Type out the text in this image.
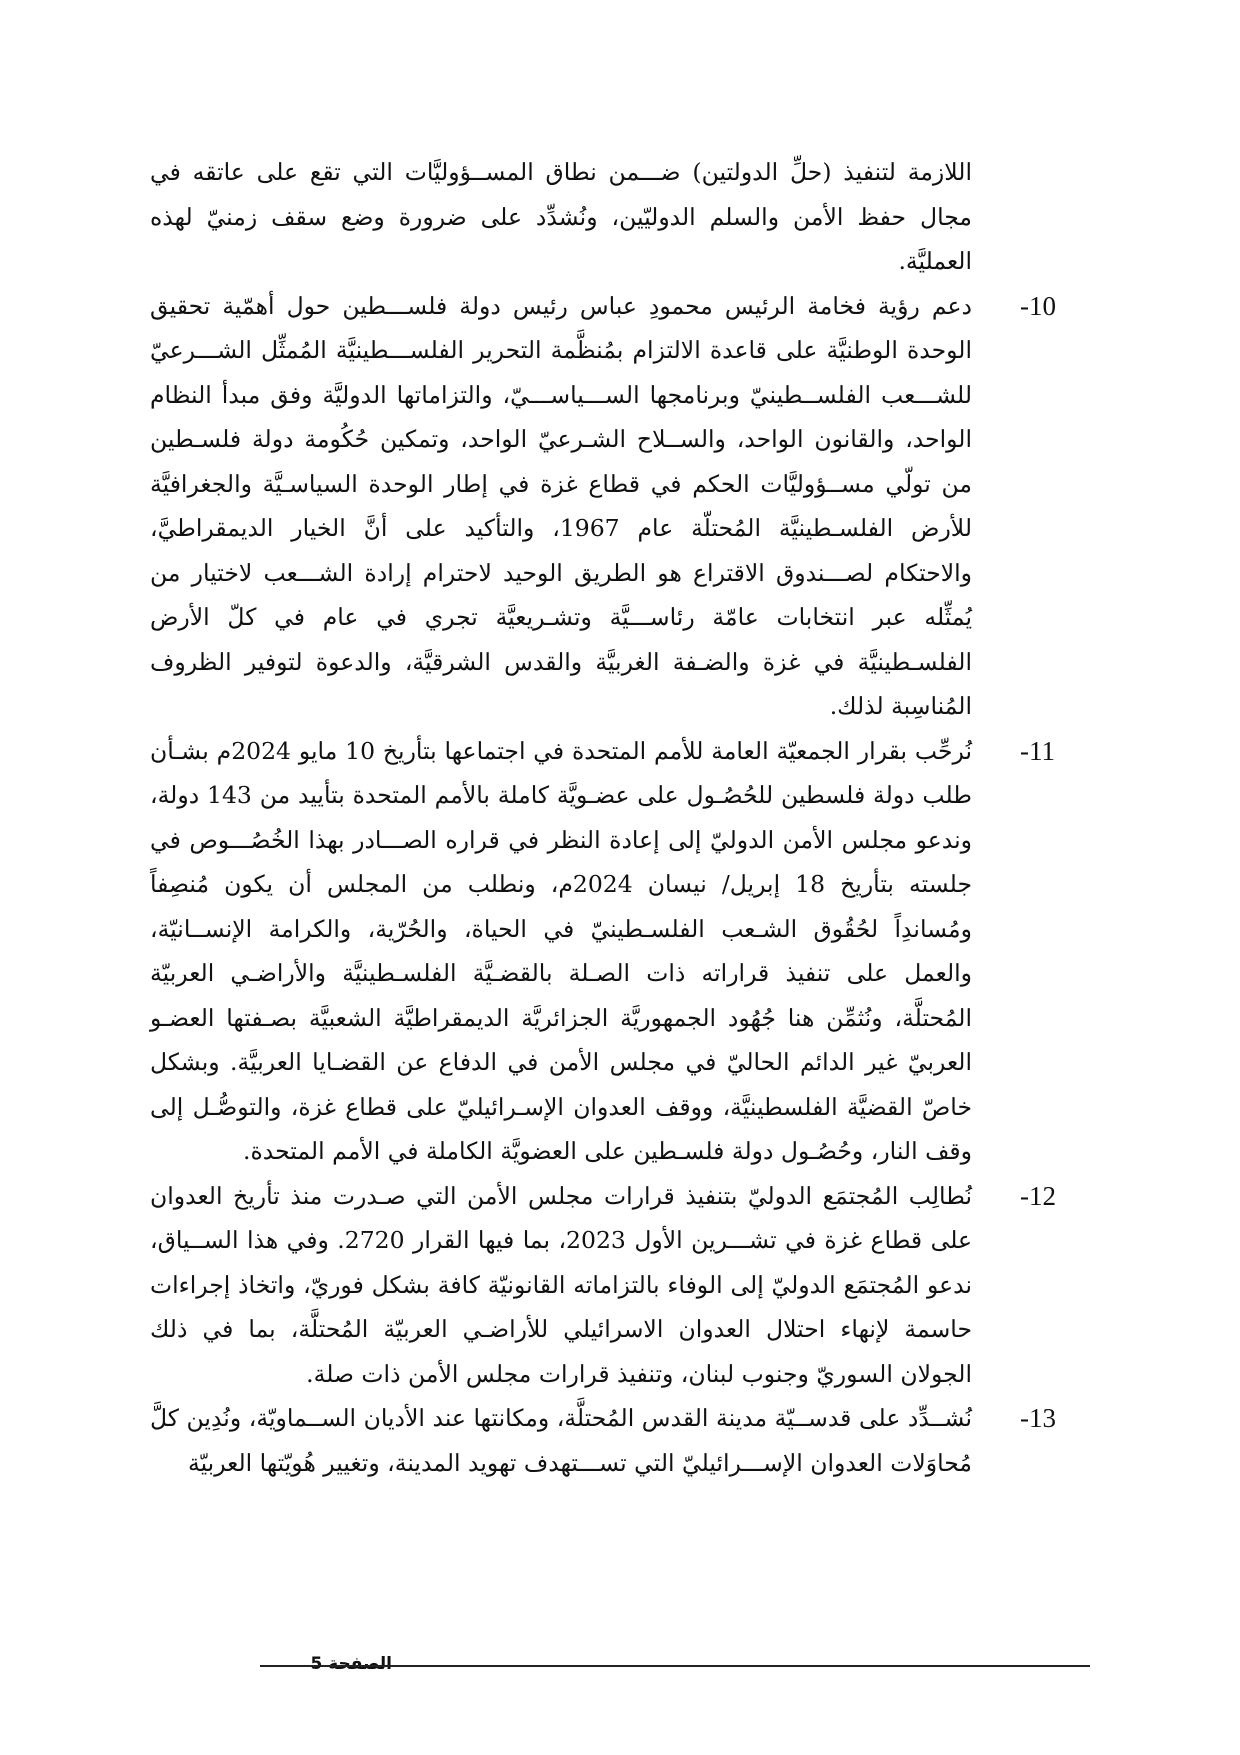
اللازمة لتنفيذ (حلِّ الدولتين) ضـــمن نطاق المســؤوليَّات التي تقع على عاتقه في مجال حفظ الأمن والسلم الدوليّين، ونُشدِّد على ضرورة وضع سقف زمنيّ لهذه العمليَّة.

-10

دعم رؤية فخامة الرئيس محمودِ عباس رئيس دولة فلســـطين حول أهمّية تحقيق الوحدة الوطنيَّة على قاعدة الالتزام بمُنظَّمة التحرير الفلســـطينيَّة المُمثِّل الشـــرعيّ للشـــعب الفلســطينيّ وبرنامجها الســـياســـيّ، والتزاماتها الدوليَّة وفق مبدأ النظام الواحد، والقانون الواحد، والســلاح الشـرعيّ الواحد، وتمكين حُكُومة دولة فلسـطين من تولّي مســؤوليَّات الحكم في قطاع غزة في إطار الوحدة السياسـيَّة والجغرافيَّة للأرض الفلسـطينيَّة المُحتلّة عام 1967، والتأكيد على أنَّ الخيار الديمقراطيَّ، والاحتكام لصـــندوق الاقتراع هو الطريق الوحيد لاحترام إرادة الشـــعب لاختيار من يُمثِّله عبر انتخابات عامّة رئاســـيَّة وتشـريعيَّة تجري في عام في كلّ الأرض الفلسـطينيَّة في غزة والضـفة الغربيَّة والقدس الشرقيَّة، والدعوة لتوفير الظروف المُناسِبة لذلك.

-11

نُرحِّب بقرار الجمعيّة العامة للأمم المتحدة في اجتماعها بتأريخ 10 مايو 2024م بشـأن طلب دولة فلسطين للحُصُـول على عضـويَّة كاملة بالأمم المتحدة بتأييد من 143 دولة، وندعو مجلس الأمن الدوليّ إلى إعادة النظر في قراره الصـــادر بهذا الخُصُـــوص في جلسته بتأريخ 18 إبريل/ نيسان 2024م، ونطلب من المجلس أن يكون مُنصِفاً ومُساندِاً لحُقُوق الشـعب الفلسـطينيّ في الحياة، والحُرّية، والكرامة الإنســانيّة، والعمل على تنفيذ قراراته ذات الصـلة بالقضـيَّة الفلسـطينيَّة والأراضـي العربيّة المُحتلَّة، ونُثمِّن هنا جُهُود الجمهوريَّة الجزائريَّة الديمقراطيَّة الشعبيَّة بصـفتها العضـو العربيّ غير الدائم الحاليّ في مجلس الأمن في الدفاع عن القضـايا العربيَّة. وبشكل خاصّ القضيَّة الفلسطينيَّة، ووقف العدوان الإسـرائيليّ على قطاع غزة، والتوصُّـل إلى وقف النار، وحُصُـول دولة فلسـطين على العضويَّة الكاملة في الأمم المتحدة.

-12

نُطالِب المُجتمَع الدوليّ بتنفيذ قرارات مجلس الأمن التي صـدرت منذ تأريخ العدوان على قطاع غزة في تشـــرين الأول 2023، بما فيها القرار 2720. وفي هذا الســياق، ندعو المُجتمَع الدوليّ إلى الوفاء بالتزاماته القانونيّة كافة بشكل فوريّ، واتخاذ إجراءات حاسمة لإنهاء احتلال العدوان الاسرائيلي للأراضـي العربيّة المُحتلَّة، بما في ذلك الجولان السوريّ وجنوب لبنان، وتنفيذ قرارات مجلس الأمن ذات صلة.

-13

نُشــدِّد على قدســيّة مدينة القدس المُحتلَّة، ومكانتها عند الأديان الســماويّة، ونُدِين كلَّ مُحاوَلات العدوان الإســـرائيليّ التي تســـتهدف تهويد المدينة، وتغيير هُويّتها العربيّة

الصفحة 5
